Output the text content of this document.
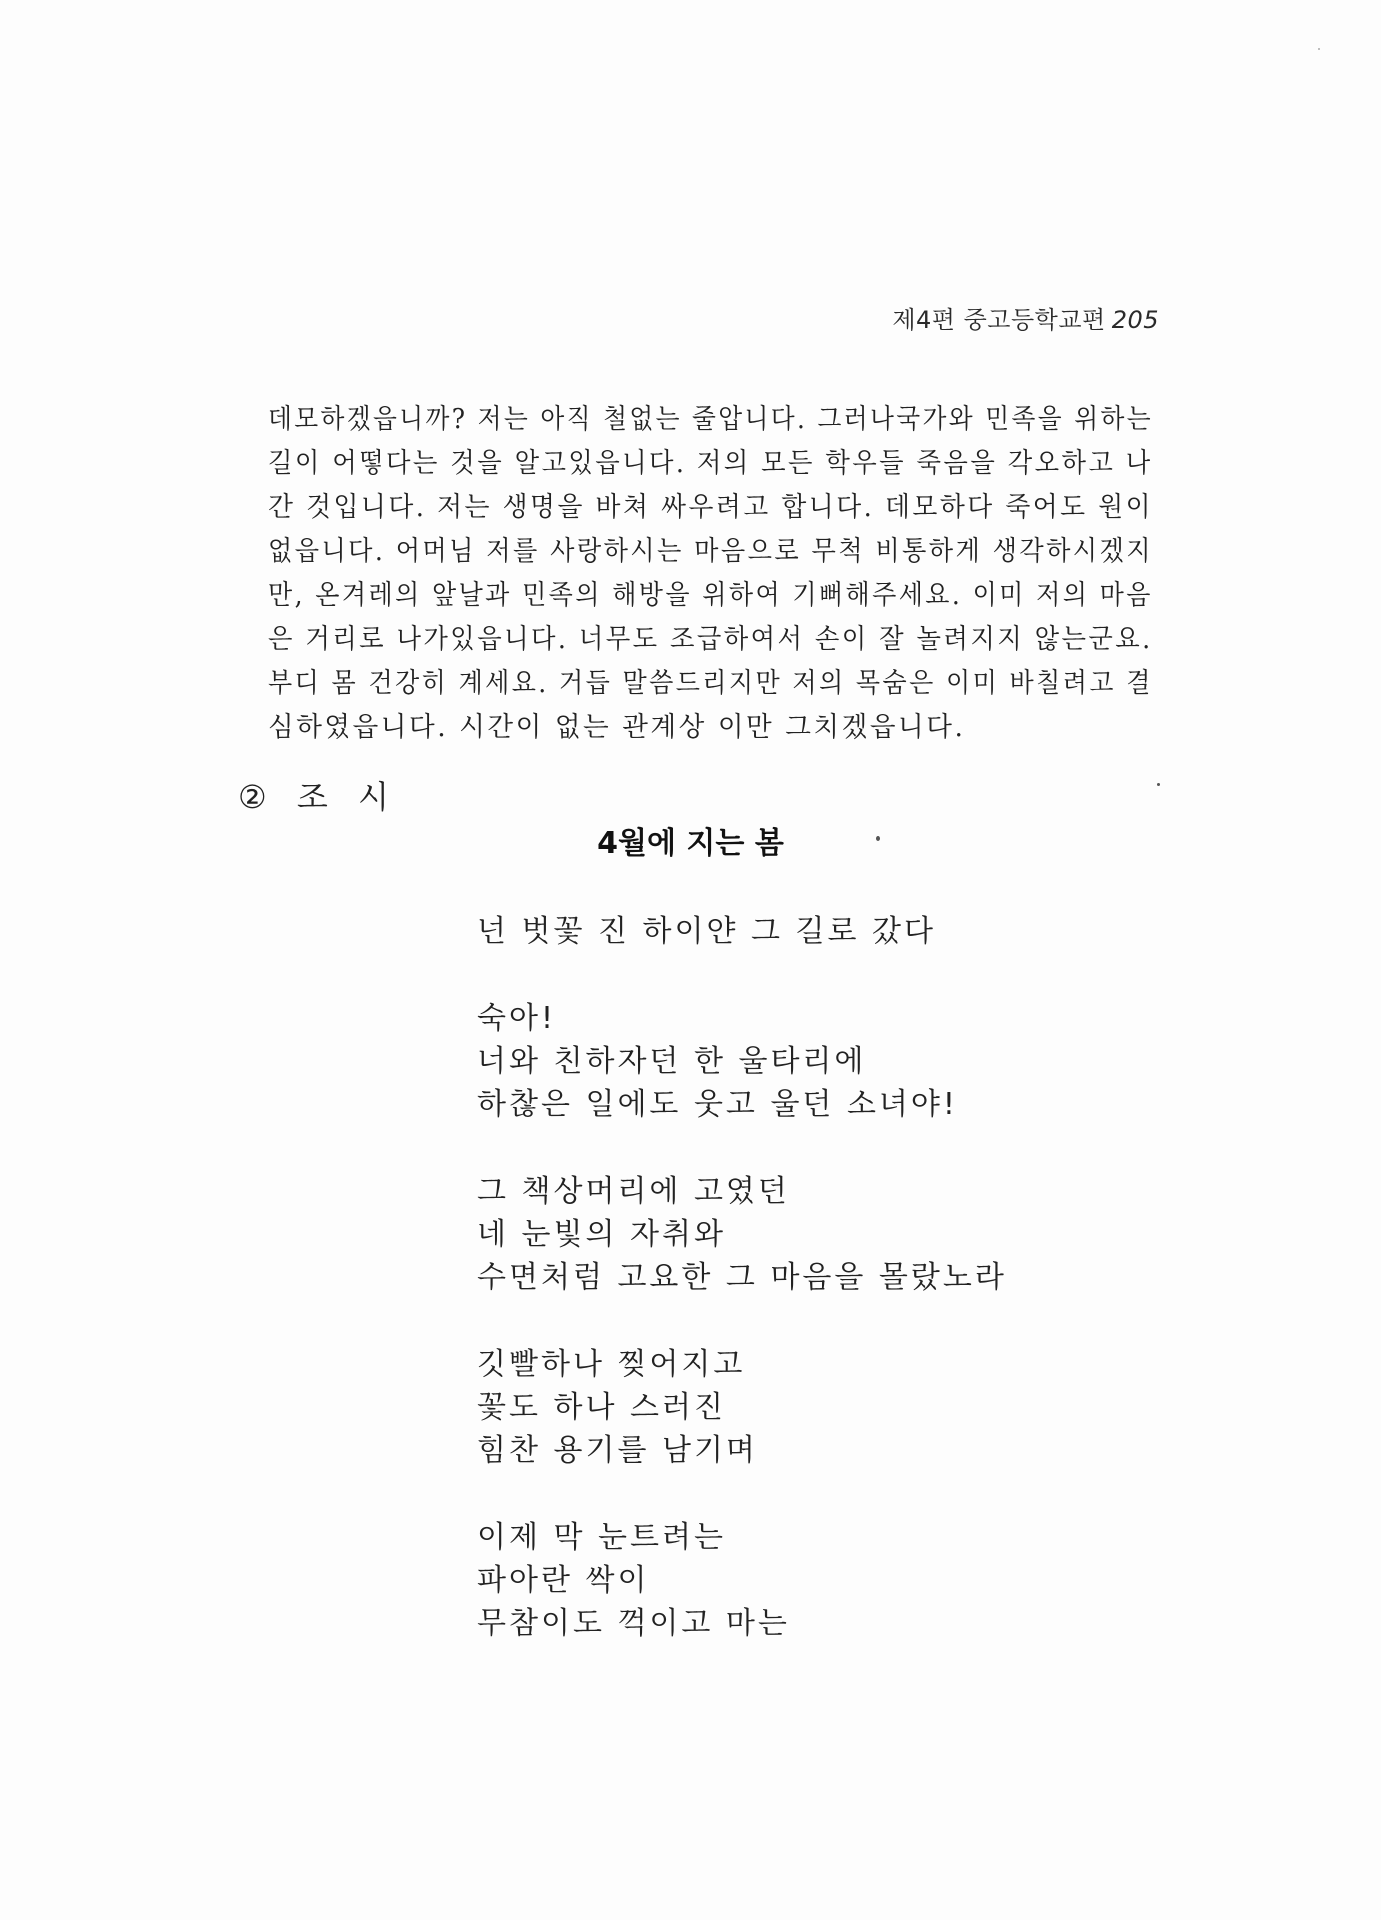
제4편 중고등학교편 205
데모하겠읍니까? 저는 아직 철없는 줄압니다. 그러나국가와 민족을 위하는
길이 어떻다는 것을 알고있읍니다. 저의 모든 학우들 죽음을 각오하고 나
간 것입니다. 저는 생명을 바쳐 싸우려고 합니다. 데모하다 죽어도 원이
없읍니다. 어머님 저를 사랑하시는 마음으로 무척 비통하게 생각하시겠지
만, 온겨레의 앞날과 민족의 해방을 위하여 기뻐해주세요. 이미 저의 마음
은 거리로 나가있읍니다. 너무도 조급하여서 손이 잘 놀려지지 않는군요.
부디 몸 건강히 계세요. 거듭 말씀드리지만 저의 목숨은 이미 바칠려고 결
심하였읍니다. 시간이 없는 관계상 이만 그치겠읍니다.
② 조 시
4월에 지는 봄
넌 벗꽃 진 하이얀 그 길로 갔다
숙아!
너와 친하자던 한 울타리에
하찮은 일에도 웃고 울던 소녀야!
그 책상머리에 고였던
네 눈빛의 자취와
수면처럼 고요한 그 마음을 몰랐노라
깃빨하나 찢어지고
꽃도 하나 스러진
힘찬 용기를 남기며
이제 막 눈트려는
파아란 싹이
무참이도 꺽이고 마는
